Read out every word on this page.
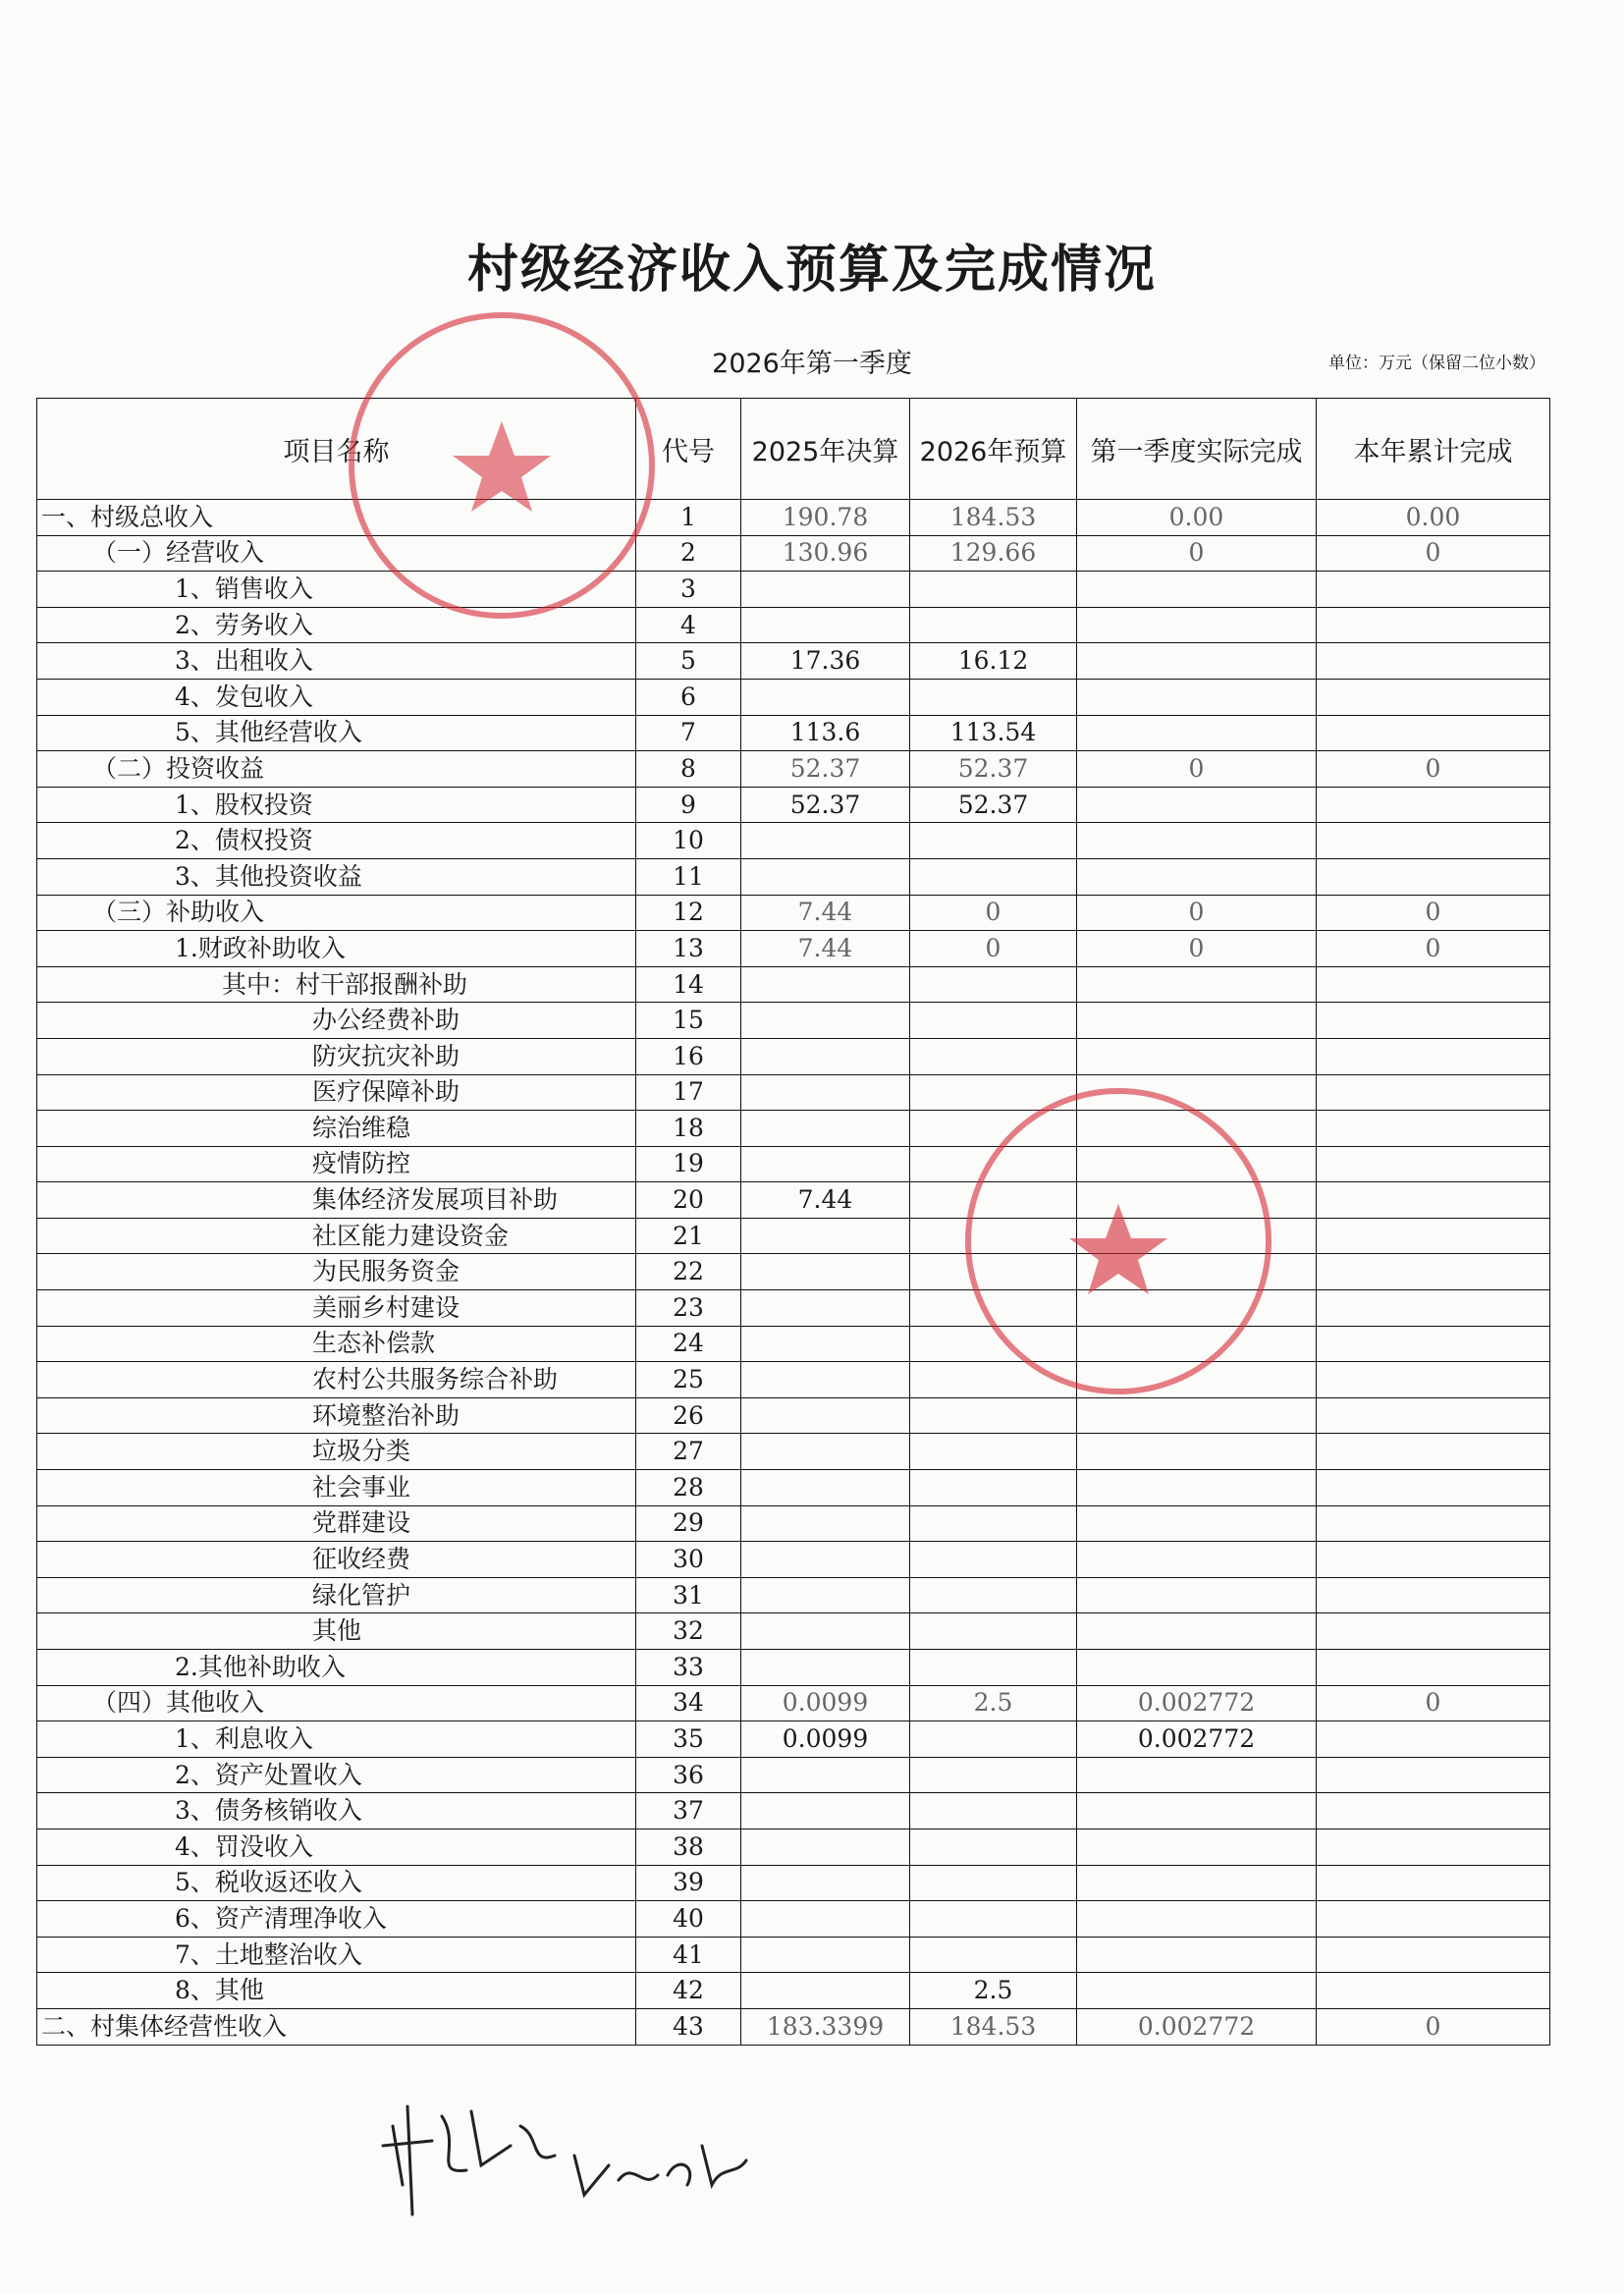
村级经济收入预算及完成情况
2026年第一季度	单位：万元（保留二位小数）
项目名称	代号	2025年决算	2026年预算	第一季度实际完成	本年累计完成
一、村级总收入	1	190.78	184.53	0.00	0.00
（一）经营收入	2	130.96	129.66	0	0
1、销售收入	3				
2、劳务收入	4				
3、出租收入	5	17.36	16.12		
4、发包收入	6				
5、其他经营收入	7	113.6	113.54		
（二）投资收益	8	52.37	52.37	0	0
1、股权投资	9	52.37	52.37		
2、债权投资	10				
3、其他投资收益	11				
（三）补助收入	12	7.44	0	0	0
1.财政补助收入	13	7.44	0	0	0
其中：村干部报酬补助	14				
办公经费补助	15				
防灾抗灾补助	16				
医疗保障补助	17				
综治维稳	18				
疫情防控	19				
集体经济发展项目补助	20	7.44			
社区能力建设资金	21				
为民服务资金	22				
美丽乡村建设	23				
生态补偿款	24				
农村公共服务综合补助	25				
环境整治补助	26				
垃圾分类	27				
社会事业	28				
党群建设	29				
征收经费	30				
绿化管护	31				
其他	32				
2.其他补助收入	33				
（四）其他收入	34	0.0099	2.5	0.002772	0
1、利息收入	35	0.0099		0.002772	
2、资产处置收入	36				
3、债务核销收入	37				
4、罚没收入	38				
5、税收返还收入	39				
6、资产清理净收入	40				
7、土地整治收入	41				
8、其他	42		2.5		
二、村集体经营性收入	43	183.3399	184.53	0.002772	0
